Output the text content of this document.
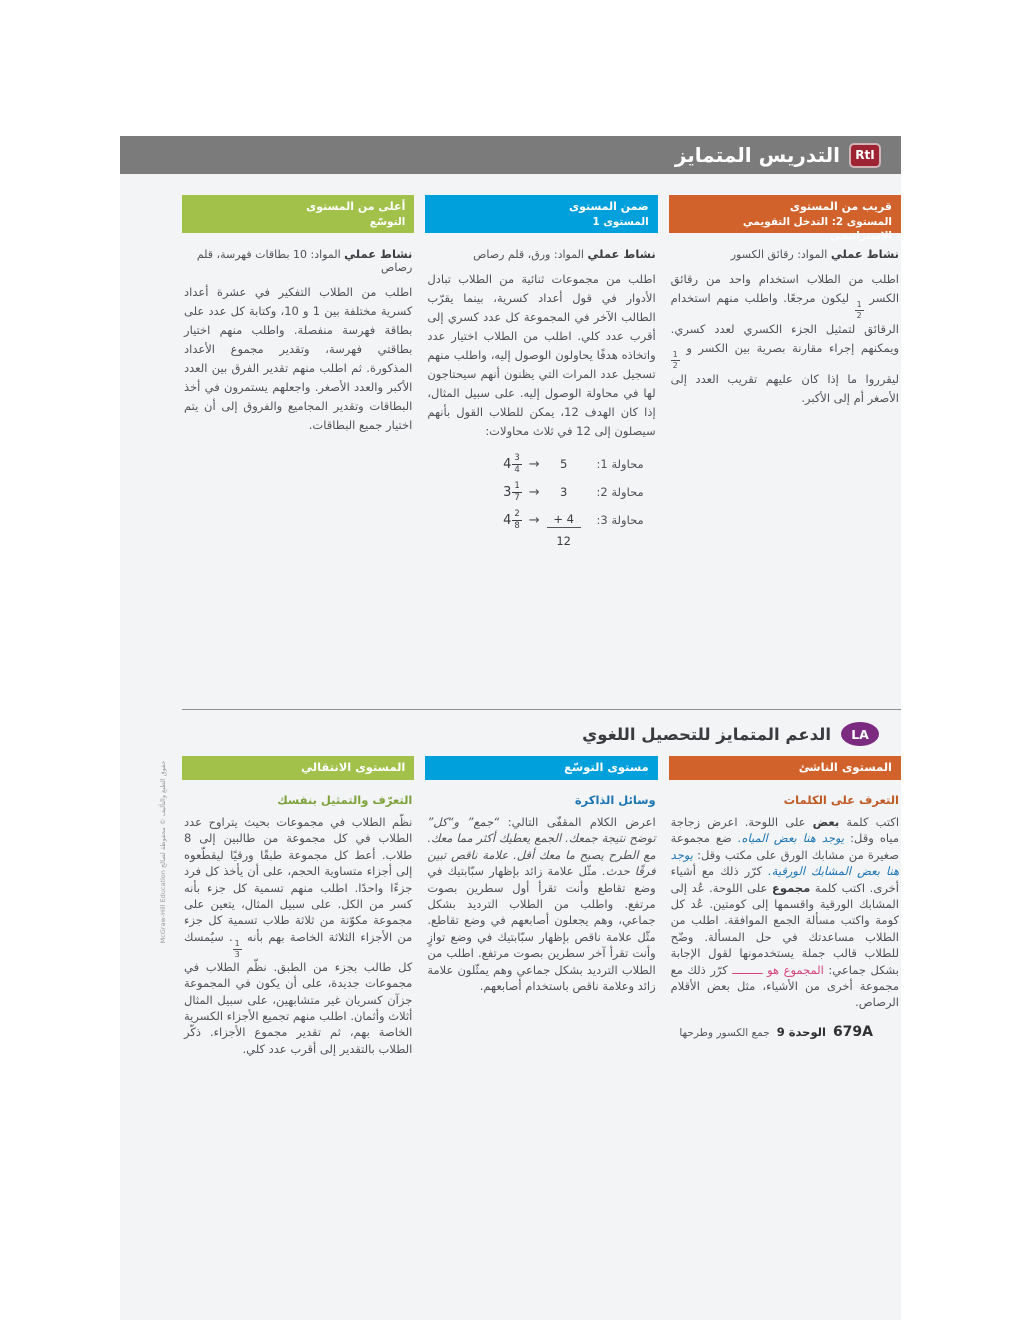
حقوق الطبع والتأليف © محفوظة لصالح McGraw-Hill Education
RtI
التدريس المتمايز
قريب من المستوى
المستوى 2: التدخل التقويمي الإستراتيجي

نشاط عملي المواد: رقائق الكسور

اطلب من الطلاب استخدام واحد من رقائق الكسر
$\frac{1}{2}$
ليكون مرجعًا. واطلب منهم استخدام الرقائق لتمثيل الجزء الكسري لعدد كسري. ويمكنهم إجراء مقارنة بصرية بين الكسر و
$\frac{1}{2}$
ليقرروا ما إذا كان عليهم تقريب العدد إلى الأصغر أم إلى الأكبر.

ضمن المستوى
المستوى 1

نشاط عملي المواد: ورق، قلم رصاص

اطلب من مجموعات ثنائية من الطلاب تبادل الأدوار في قول أعداد كسرية، بينما يقرّب الطالب الآخر في المجموعة كل عدد كسري إلى أقرب عدد كلي. اطلب من الطلاب اختيار عدد واتخاذه هدفًا يحاولون الوصول إليه، واطلب منهم تسجيل عدد المرات التي يظنون أنهم سيحتاجون لها في محاولة الوصول إليه. على سبيل المثال، إذا كان الهدف 12، يمكن للطلاب القول بأنهم سيصلون إلى 12 في ثلاث محاولات:

محاولة 1:
5
→
$4 \frac{3}{4}$
محاولة 2:
3
→
$3 \frac{1}{7}$
محاولة 3:
+ 4
→
$4 \frac{2}{8}$
12
أعلى من المستوى
التوسّع

نشاط عملي المواد: 10 بطاقات فهرسة، قلم رصاص

اطلب من الطلاب التفكير في عشرة أعداد كسرية مختلفة بين 1 و 10، وكتابة كل عدد على بطاقة فهرسة منفصلة. واطلب منهم اختيار بطاقتي فهرسة، وتقدير مجموع الأعداد المذكورة. ثم اطلب منهم تقدير الفرق بين العدد الأكبر والعدد الأصغر. واجعلهم يستمرون في أخذ البطاقات وتقدير المجاميع والفروق إلى أن يتم اختيار جميع البطاقات.

LA
الدعم المتمايز للتحصيل اللغوي
المستوى الناشئ

التعرف على الكلمات

اكتب كلمة بعض على اللوحة. اعرض زجاجة مياه وقل: يوجد هنا بعض المياه. ضع مجموعة صغيرة من مشابك الورق على مكتب وقل: يوجد هنا بعض المشابك الورقية. كرّر ذلك مع أشياء أخرى. اكتب كلمة مجموع على اللوحة. عُد إلى المشابك الورقية واقسمها إلى كومتين. عُد كل كومة واكتب مسألة الجمع الموافقة. اطلب من الطلاب مساعدتك في حل المسألة. وضّح للطلاب قالب جملة يستخدمونها لقول الإجابة بشكل جماعي: المجموع هو ـــــــــ كرّر ذلك مع مجموعة أخرى من الأشياء، مثل بعض الأقلام الرصاص.

مستوى التوسّع

وسائل الذاكرة

اعرض الكلام المقفّى التالي: “جمع” و“كل” توضح نتيجة جمعك. الجمع يعطيك أكثر مما معك. مع الطرح يصبح ما معك أقل. علامة ناقص تبين فرقًا حدث. مثّل علامة زائد بإظهار سبّابتيك في وضع تقاطع وأنت تقرأ أول سطرين بصوت مرتفع. واطلب من الطلاب الترديد بشكل جماعي، وهم يجعلون أصابعهم في وضع تقاطع. مثّل علامة ناقص بإظهار سبّابتيك في وضع توازٍ وأنت تقرأ آخر سطرين بصوت مرتفع. اطلب من الطلاب الترديد بشكل جماعي وهم يمثّلون علامة زائد وعلامة ناقص باستخدام أصابعهم.

المستوى الانتقالي

التعرّف والتمثيل بنفسك

نظّم الطلاب في مجموعات بحيث يتراوح عدد الطلاب في كل مجموعة من طالبين إلى 8 طلاب. أعط كل مجموعة طبقًا ورقيًا ليقطّعوه إلى أجزاء متساوية الحجم، على أن يأخذ كل فرد جزءًا واحدًا. اطلب منهم تسمية كل جزء بأنه كسر من الكل. على سبيل المثال، يتعين على مجموعة مكوّنة من ثلاثة طلاب تسمية كل جزء من الأجزاء الثلاثة الخاصة بهم بأنه
$\frac{1}{3}$
. سيُمسك كل طالب بجزء من الطبق. نظّم الطلاب في مجموعات جديدة، على أن يكون في المجموعة جزآن كسريان غير متشابهين، على سبيل المثال أثلاث وأثمان. اطلب منهم تجميع الأجزاء الكسرية الخاصة بهم، ثم تقدير مجموع الأجزاء. ذكّر الطلاب بالتقدير إلى أقرب عدد كلي.

679A
الوحدة 9
جمع الكسور وطرحها
